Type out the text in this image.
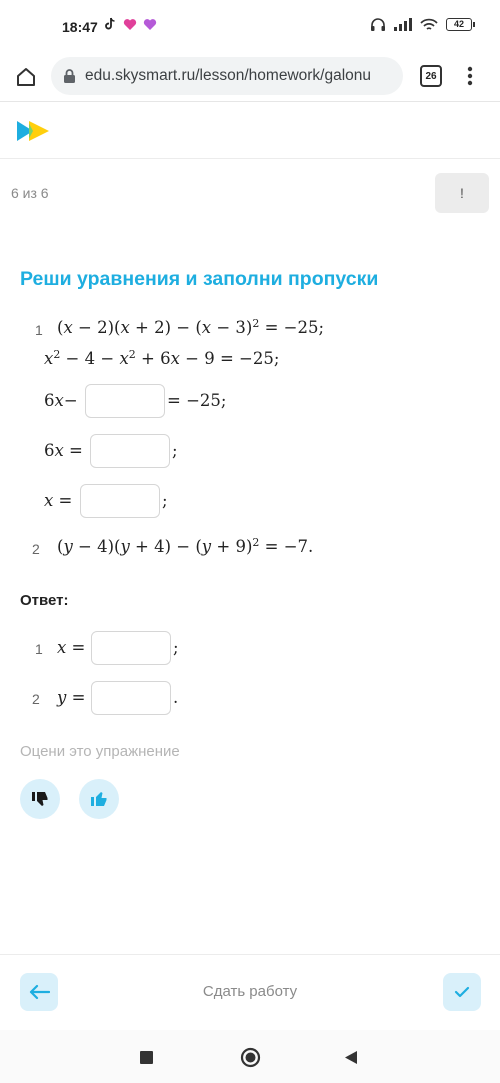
18:47	42
edu.skysmart.ru/lesson/homework/galonu	26
6 из 6	!
Реши уравнения и заполни пропуски
1 $(x - 2)(x + 2) - (x - 3)^2 = -25$;
$x^2 - 4 - x^2 + 6x - 9 = -25$;
6x−	= −25;
6x =	;
x =	;
2 $(y - 4)(y + 4) - (y + 9)^2 = -7$.
Ответ:
1 x =	;
2 y =	.
Оцени это упражнение
Сдать работу
